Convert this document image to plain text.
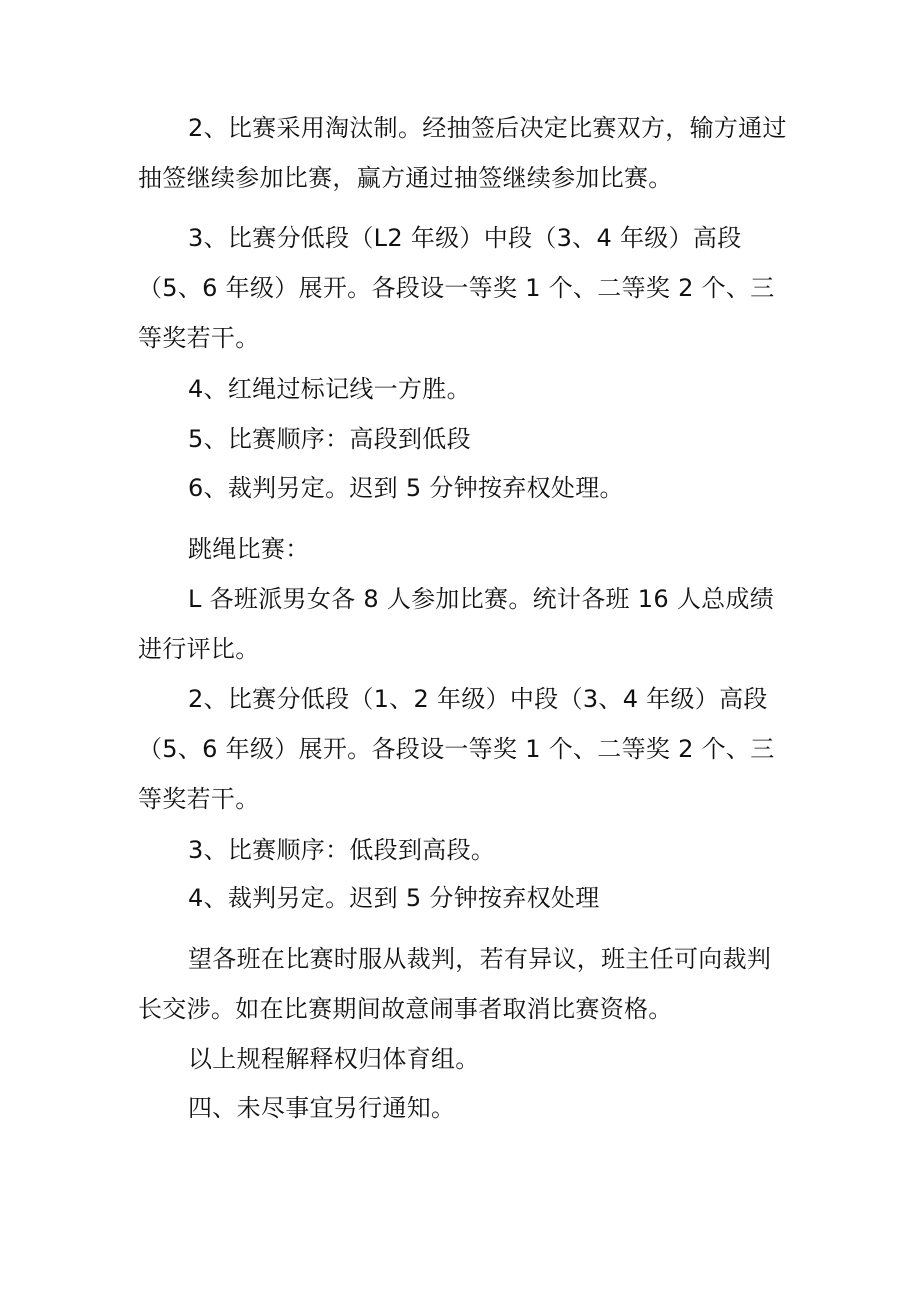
2、比赛采用淘汰制。经抽签后决定比赛双方，输方通过抽签继续参加比赛，赢方通过抽签继续参加比赛。

3、比赛分低段（L2 年级）中段（3、4 年级）高段（5、6 年级）展开。各段设一等奖 1 个、二等奖 2 个、三等奖若干。

4、红绳过标记线一方胜。

5、比赛顺序：高段到低段

6、裁判另定。迟到 5 分钟按弃权处理。

跳绳比赛：

L 各班派男女各 8 人参加比赛。统计各班 16 人总成绩进行评比。

2、比赛分低段（1、2 年级）中段（3、4 年级）高段（5、6 年级）展开。各段设一等奖 1 个、二等奖 2 个、三等奖若干。

3、比赛顺序：低段到高段。

4、裁判另定。迟到 5 分钟按弃权处理

望各班在比赛时服从裁判，若有异议，班主任可向裁判长交涉。如在比赛期间故意闹事者取消比赛资格。

以上规程解释权归体育组。

四、未尽事宜另行通知。
